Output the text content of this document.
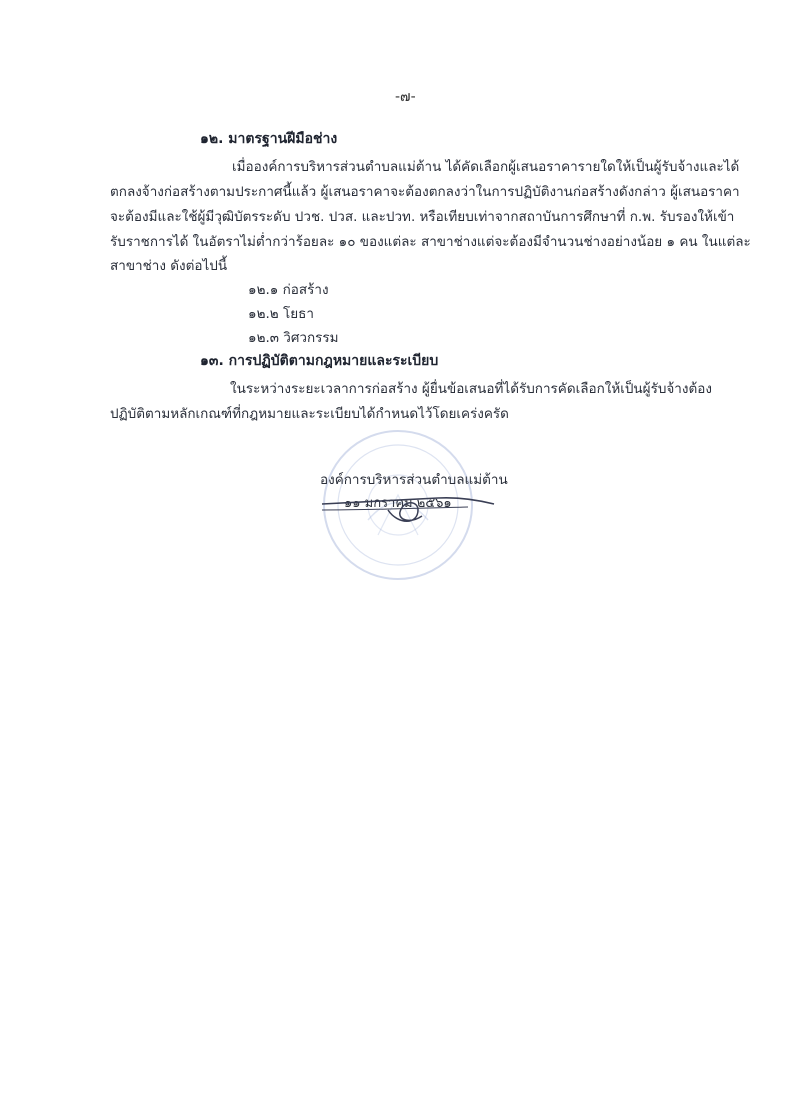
-๗-
๑๒. มาตรฐานฝีมือช่าง
เมื่อองค์การบริหารส่วนตำบลแม่ต้าน ได้คัดเลือกผู้เสนอราคารายใดให้เป็นผู้รับจ้างและได้
ตกลงจ้างก่อสร้างตามประกาศนี้แล้ว ผู้เสนอราคาจะต้องตกลงว่าในการปฏิบัติงานก่อสร้างดังกล่าว ผู้เสนอราคา
จะต้องมีและใช้ผู้มีวุฒิบัตรระดับ ปวช. ปวส. และปวท. หรือเทียบเท่าจากสถาบันการศึกษาที่ ก.พ. รับรองให้เข้า
รับราชการได้ ในอัตราไม่ต่ำกว่าร้อยละ ๑๐ ของแต่ละ สาขาช่างแต่จะต้องมีจำนวนช่างอย่างน้อย ๑ คน ในแต่ละ
สาขาช่าง ดังต่อไปนี้
๑๒.๑ ก่อสร้าง
๑๒.๒ โยธา
๑๒.๓ วิศวกรรม
๑๓. การปฏิบัติตามกฎหมายและระเบียบ
ในระหว่างระยะเวลาการก่อสร้าง ผู้ยื่นข้อเสนอที่ได้รับการคัดเลือกให้เป็นผู้รับจ้างต้อง
ปฏิบัติตามหลักเกณฑ์ที่กฎหมายและระเบียบได้กำหนดไว้โดยเคร่งครัด
องค์การบริหารส่วนตำบลแม่ต้าน
๑๑ มกราคม ๒๕๖๑
